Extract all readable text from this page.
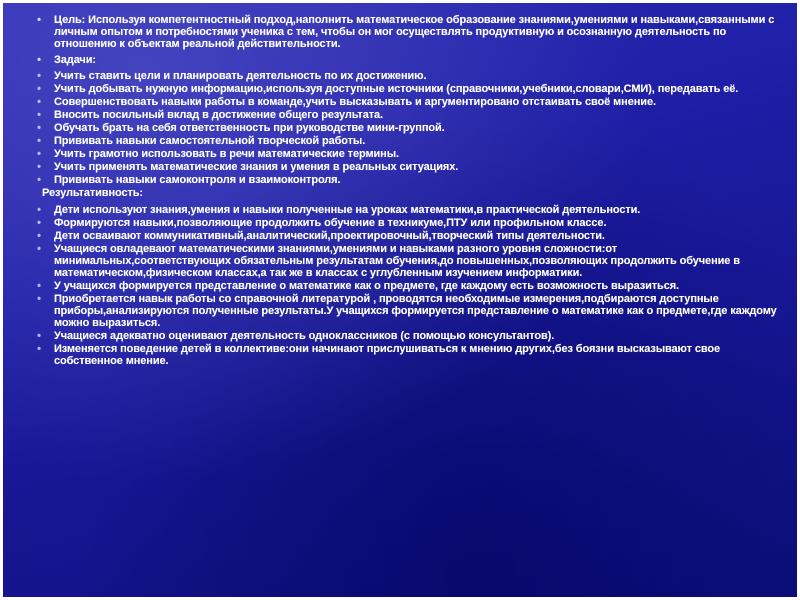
•	Цель: Используя компетентностный подход,наполнить математическое образование знаниями,умениями и навыками,связанными с личным опытом и потребностями ученика с тем, чтобы он мог осуществлять продуктивную и осознанную деятельность по отношению к объектам реальной действительности.
•	Задачи:
•	Учить ставить цели и планировать деятельность по их достижению.
•	Учить добывать нужную информацию,используя доступные источники (справочники,учебники,словари,СМИ), передавать её.
•	Совершенствовать навыки работы в команде,учить высказывать и аргументировано отстаивать своё мнение.
•	Вносить посильный вклад в достижение общего результата.
•	Обучать брать на себя ответственность при руководстве мини-группой.
•	Прививать навыки самостоятельной творческой работы.
•	Учить грамотно использовать в речи математические термины.
•	Учить применять математические знания и умения в реальных ситуациях.
•	Прививать навыки самоконтроля и взаимоконтроля.
Результативность:
•	Дети используют знания,умения и навыки полученные на уроках математики,в практической деятельности.
•	Формируются навыки,позволяющие продолжить обучение в техникуме,ПТУ или профильном классе.
•	Дети осваивают коммуникативный,аналитический,проектировочный,творческий типы деятельности.
•	Учащиеся овладевают математическими знаниями,умениями и навыками разного уровня сложности:от минимальных,соответствующих обязательным результатам обучения,до повышенных,позволяющих продолжить обучение в математическом,физическом классах,а так же в классах с углубленным изучением информатики.
•	У учащихся формируется представление о математике как о предмете, где каждому есть возможность выразиться.
•	Приобретается навык работы со справочной литературой , проводятся необходимые измерения,подбираются доступные приборы,анализируются полученные результаты.У учащихся формируется представление о математике как о предмете,где каждому можно выразиться.
•	Учащиеся адекватно оценивают деятельность одноклассников (с помощью консультантов).
•	Изменяется поведение детей в коллективе:они начинают прислушиваться к мнению других,без боязни высказывают свое собственное мнение.
